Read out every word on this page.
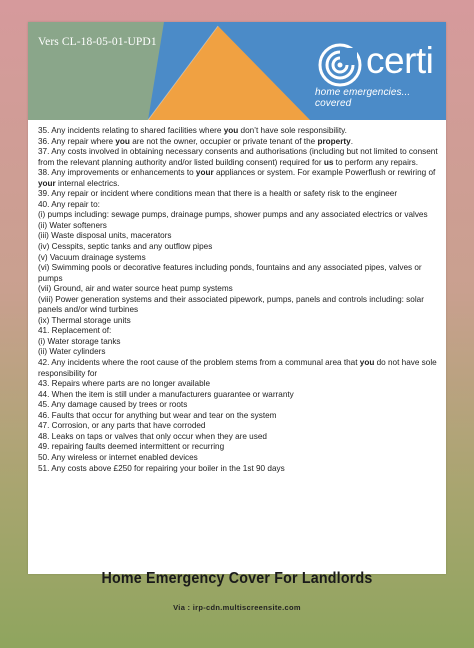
Vers CL-18-05-01-UPD1	certi
home emergencies... covered
35. Any incidents relating to shared facilities where you don’t have sole responsibility.
36. Any repair where you are not the owner, occupier or private tenant of the property.
37. Any costs involved in obtaining necessary consents and authorisations (including but not limited to consent from the relevant planning authority and/or listed building consent) required for us to perform any repairs.
38. Any improvements or enhancements to your appliances or system. For example Powerflush or rewiring of your internal electrics.
39. Any repair or incident where conditions mean that there is a health or safety risk to the engineer
40. Any repair to:
(i) pumps including: sewage pumps, drainage pumps, shower pumps and any associated electrics or valves
(ii) Water softeners
(iii) Waste disposal units, macerators
(iv) Cesspits, septic tanks and any outflow pipes
(v) Vacuum drainage systems
(vi) Swimming pools or decorative features including ponds, fountains and any associated pipes, valves or pumps
(vii) Ground, air and water source heat pump systems
(viii) Power generation systems and their associated pipework, pumps, panels and controls including: solar panels and/or wind turbines
(ix) Thermal storage units
41. Replacement of:
(i) Water storage tanks
(ii) Water cylinders
42. Any incidents where the root cause of the problem stems from a communal area that you do not have sole responsibility for
43. Repairs where parts are no longer available
44. When the item is still under a manufacturers guarantee or warranty
45. Any damage caused by trees or roots
46. Faults that occur for anything but wear and tear on the system
47. Corrosion, or any parts that have corroded
48. Leaks on taps or valves that only occur when they are used
49. repairing faults deemed intermittent or recurring
50. Any wireless or internet enabled devices
51. Any costs above £250 for repairing your boiler in the 1st 90 days
Home Emergency Cover For Landlords
Via : irp-cdn.multiscreensite.com
